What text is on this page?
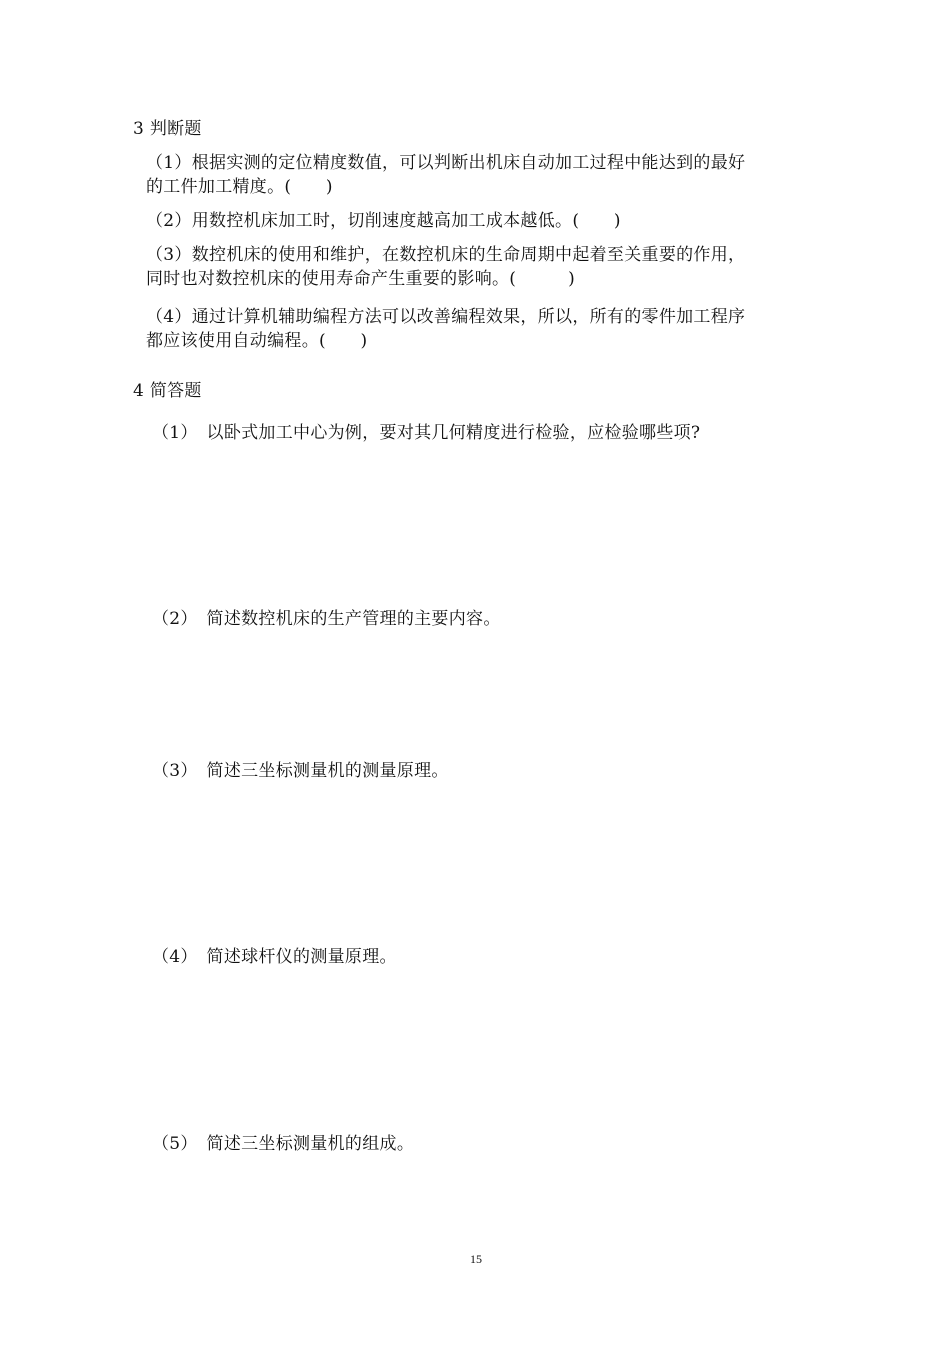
3 判断题
（1）根据实测的定位精度数值，可以判断出机床自动加工过程中能达到的最好
的工件加工精度。(　　)
（2）用数控机床加工时，切削速度越高加工成本越低。(　　)
（3）数控机床的使用和维护，在数控机床的生命周期中起着至关重要的作用，
同时也对数控机床的使用寿命产生重要的影响。(　　　)
（4）通过计算机辅助编程方法可以改善编程效果，所以，所有的零件加工程序
都应该使用自动编程。(　　)
4 简答题
（1）　以卧式加工中心为例，要对其几何精度进行检验，应检验哪些项?
（2）　简述数控机床的生产管理的主要内容。
（3）　简述三坐标测量机的测量原理。
（4）　简述球杆仪的测量原理。
（5）　简述三坐标测量机的组成。
15
